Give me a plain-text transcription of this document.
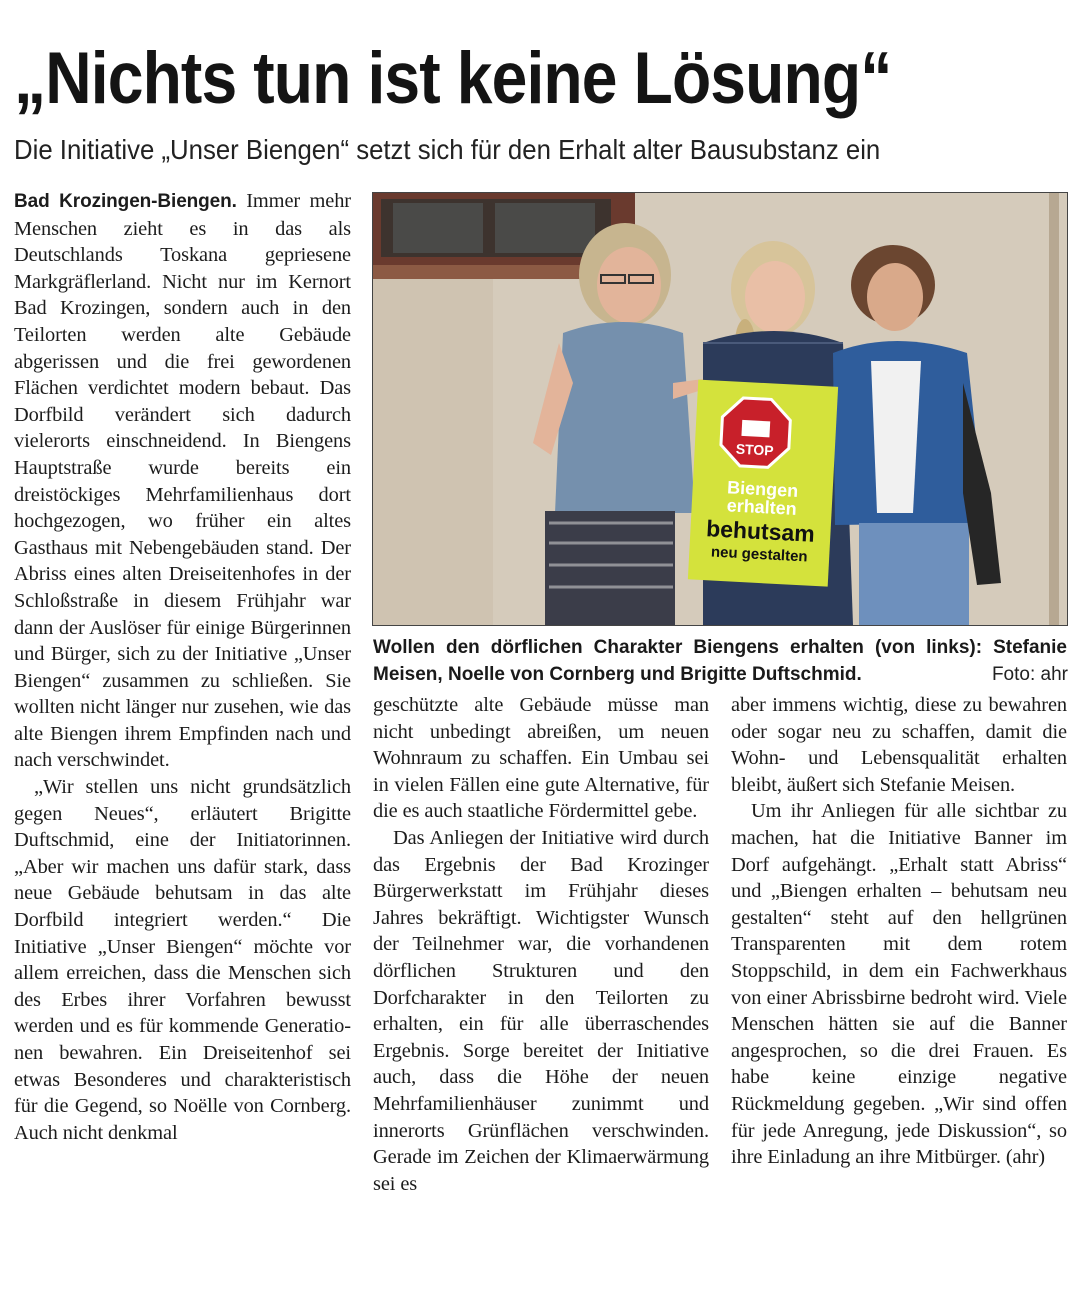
„Nichts tun ist keine Lösung“
Die Initiative „Unser Biengen“ setzt sich für den Erhalt alter Bausubstanz ein

Bad Krozingen-Biengen. Immer mehr Menschen zieht es in das als Deutschlands Toskana gepriesene Markgräflerland. Nicht nur im Kernort Bad Krozingen, sondern auch in den Teilorten werden alte Gebäude abgerissen und die frei gewordenen Flächen verdichtet modern bebaut. Das Dorfbild verändert sich dadurch vielerorts einschneidend. In Biengens Hauptstraße wurde bereits ein dreistöckiges Mehrfamilienhaus dort hochgezogen, wo früher ein altes Gasthaus mit Nebengebäuden stand. Der Abriss eines alten Dreiseitenhofes in der Schloßstraße in diesem Frühjahr war dann der Auslöser für einige Bürgerinnen und Bürger, sich zu der Initiative „Unser Biengen“ zusammen zu schließen. Sie wollten nicht länger nur zusehen, wie das alte Biengen ihrem Empfinden nach und nach verschwindet.

„Wir stellen uns nicht grundsätzlich gegen Neues“, erläutert Brigitte Duftschmid, eine der Initiatorinnen. „Aber wir machen uns dafür stark, dass neue Gebäude behutsam in das alte Dorfbild integriert werden.“ Die Initiative „Unser Biengen“ möchte vor allem erreichen, dass die Menschen sich des Erbes ihrer Vorfahren bewusst werden und es für kommende Generationen bewahren. Ein Dreiseitenhof sei etwas Besonderes und charakteristisch für die Gegend, so Noëlle von Cornberg. Auch nicht denkmal

STOP
Biengen
erhalten
behutsam
neu gestalten
Wollen den dörflichen Charakter Biengens erhalten (von links): Stefanie Meisen, Noelle von Cornberg und Brigitte Duftschmid.	Foto: ahr

geschützte alte Gebäude müsse man nicht unbedingt abreißen, um neuen Wohnraum zu schaffen. Ein Umbau sei in vielen Fällen eine gute Alternative, für die es auch staatliche Fördermittel gebe.

Das Anliegen der Initiative wird durch das Ergebnis der Bad Krozinger Bürgerwerkstatt im Frühjahr dieses Jahres bekräftigt. Wichtigster Wunsch der Teilnehmer war, die vorhandenen dörflichen Strukturen und den Dorfcharakter in den Teilorten zu erhalten, ein für alle überraschendes Ergebnis. Sorge bereitet der Initiative auch, dass die Höhe der neuen Mehrfamilienhäuser zunimmt und innerorts Grünflächen verschwinden. Gerade im Zeichen der Klimaerwärmung sei es

aber immens wichtig, diese zu bewahren oder sogar neu zu schaffen, damit die Wohn- und Lebensqualität erhalten bleibt, äußert sich Stefanie Meisen.

Um ihr Anliegen für alle sichtbar zu machen, hat die Initiative Banner im Dorf aufgehängt. „Erhalt statt Abriss“ und „Biengen erhalten – behutsam neu gestalten“ steht auf den hellgrünen Transparenten mit dem rotem Stoppschild, in dem ein Fachwerkhaus von einer Abrissbirne bedroht wird. Viele Menschen hätten sie auf die Banner angesprochen, so die drei Frauen. Es habe keine einzige negative Rückmeldung gegeben. „Wir sind offen für jede Anregung, jede Diskussion“, so ihre Einladung an ihre Mitbürger. (ahr)
